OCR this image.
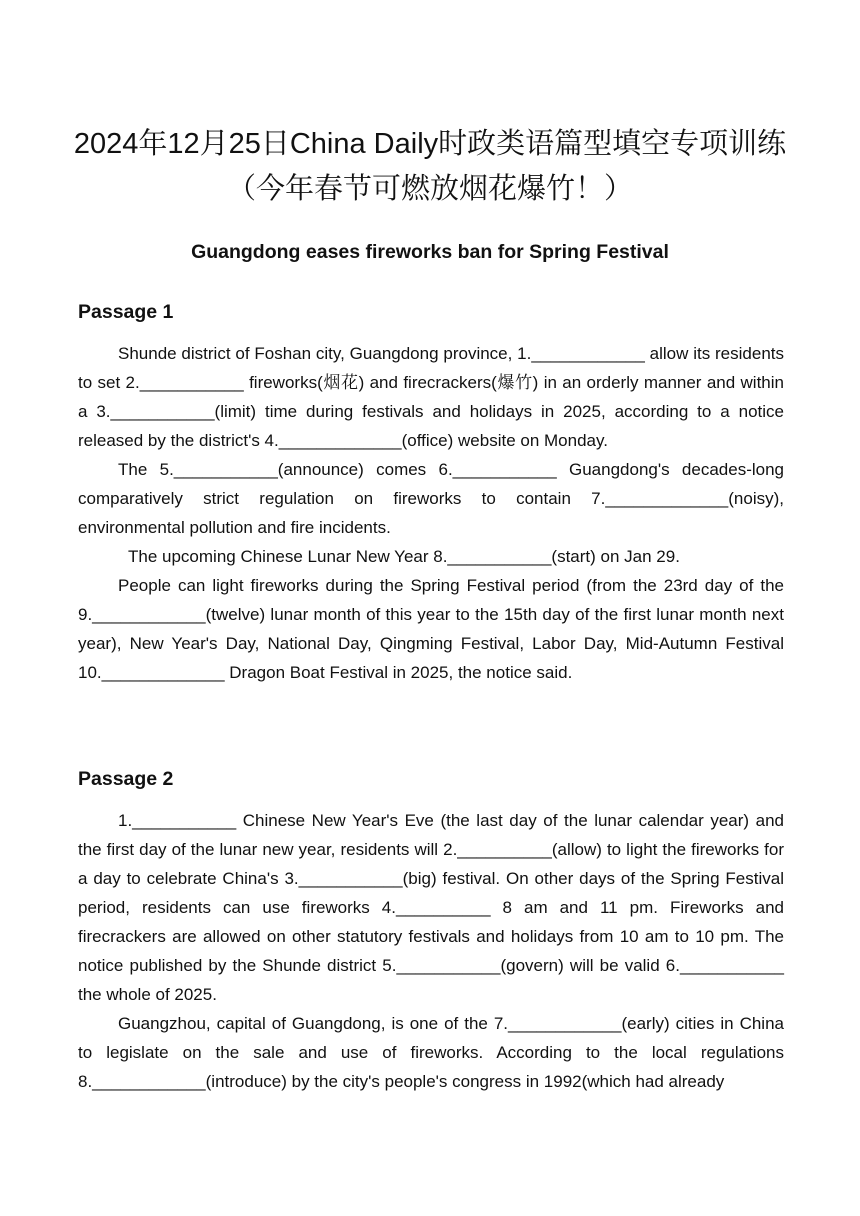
2024年12月25日China Daily时政类语篇型填空专项训练（今年春节可燃放烟花爆竹！）
Guangdong eases fireworks ban for Spring Festival
Passage 1

Shunde district of Foshan city, Guangdong province, 1.____________ allow its residents to set 2.___________ fireworks(烟花) and firecrackers(爆竹) in an orderly manner and within a 3.___________(limit) time during festivals and holidays in 2025, according to a notice released by the district's 4._____________(office) website on Monday.

The 5.___________(announce) comes 6.___________ Guangdong's decades-long comparatively strict regulation on fireworks to contain 7._____________(noisy), environmental pollution and fire incidents.

The upcoming Chinese Lunar New Year 8.___________(start) on Jan 29.

People can light fireworks during the Spring Festival period (from the 23rd day of the 9.____________(twelve) lunar month of this year to the 15th day of the first lunar month next year), New Year's Day, National Day, Qingming Festival, Labor Day, Mid-Autumn Festival 10._____________ Dragon Boat Festival in 2025, the notice said.

Passage 2

1.___________ Chinese New Year's Eve (the last day of the lunar calendar year) and the first day of the lunar new year, residents will 2.__________(allow) to light the fireworks for a day to celebrate China's 3.___________(big) festival. On other days of the Spring Festival period, residents can use fireworks 4.__________ 8 am and 11 pm. Fireworks and firecrackers are allowed on other statutory festivals and holidays from 10 am to 10 pm. The notice published by the Shunde district 5.___________(govern) will be valid 6.___________ the whole of 2025.

Guangzhou, capital of Guangdong, is one of the 7.____________(early) cities in China to legislate on the sale and use of fireworks. According to the local regulations 8.____________(introduce) by the city's people's congress in 1992(which had already
